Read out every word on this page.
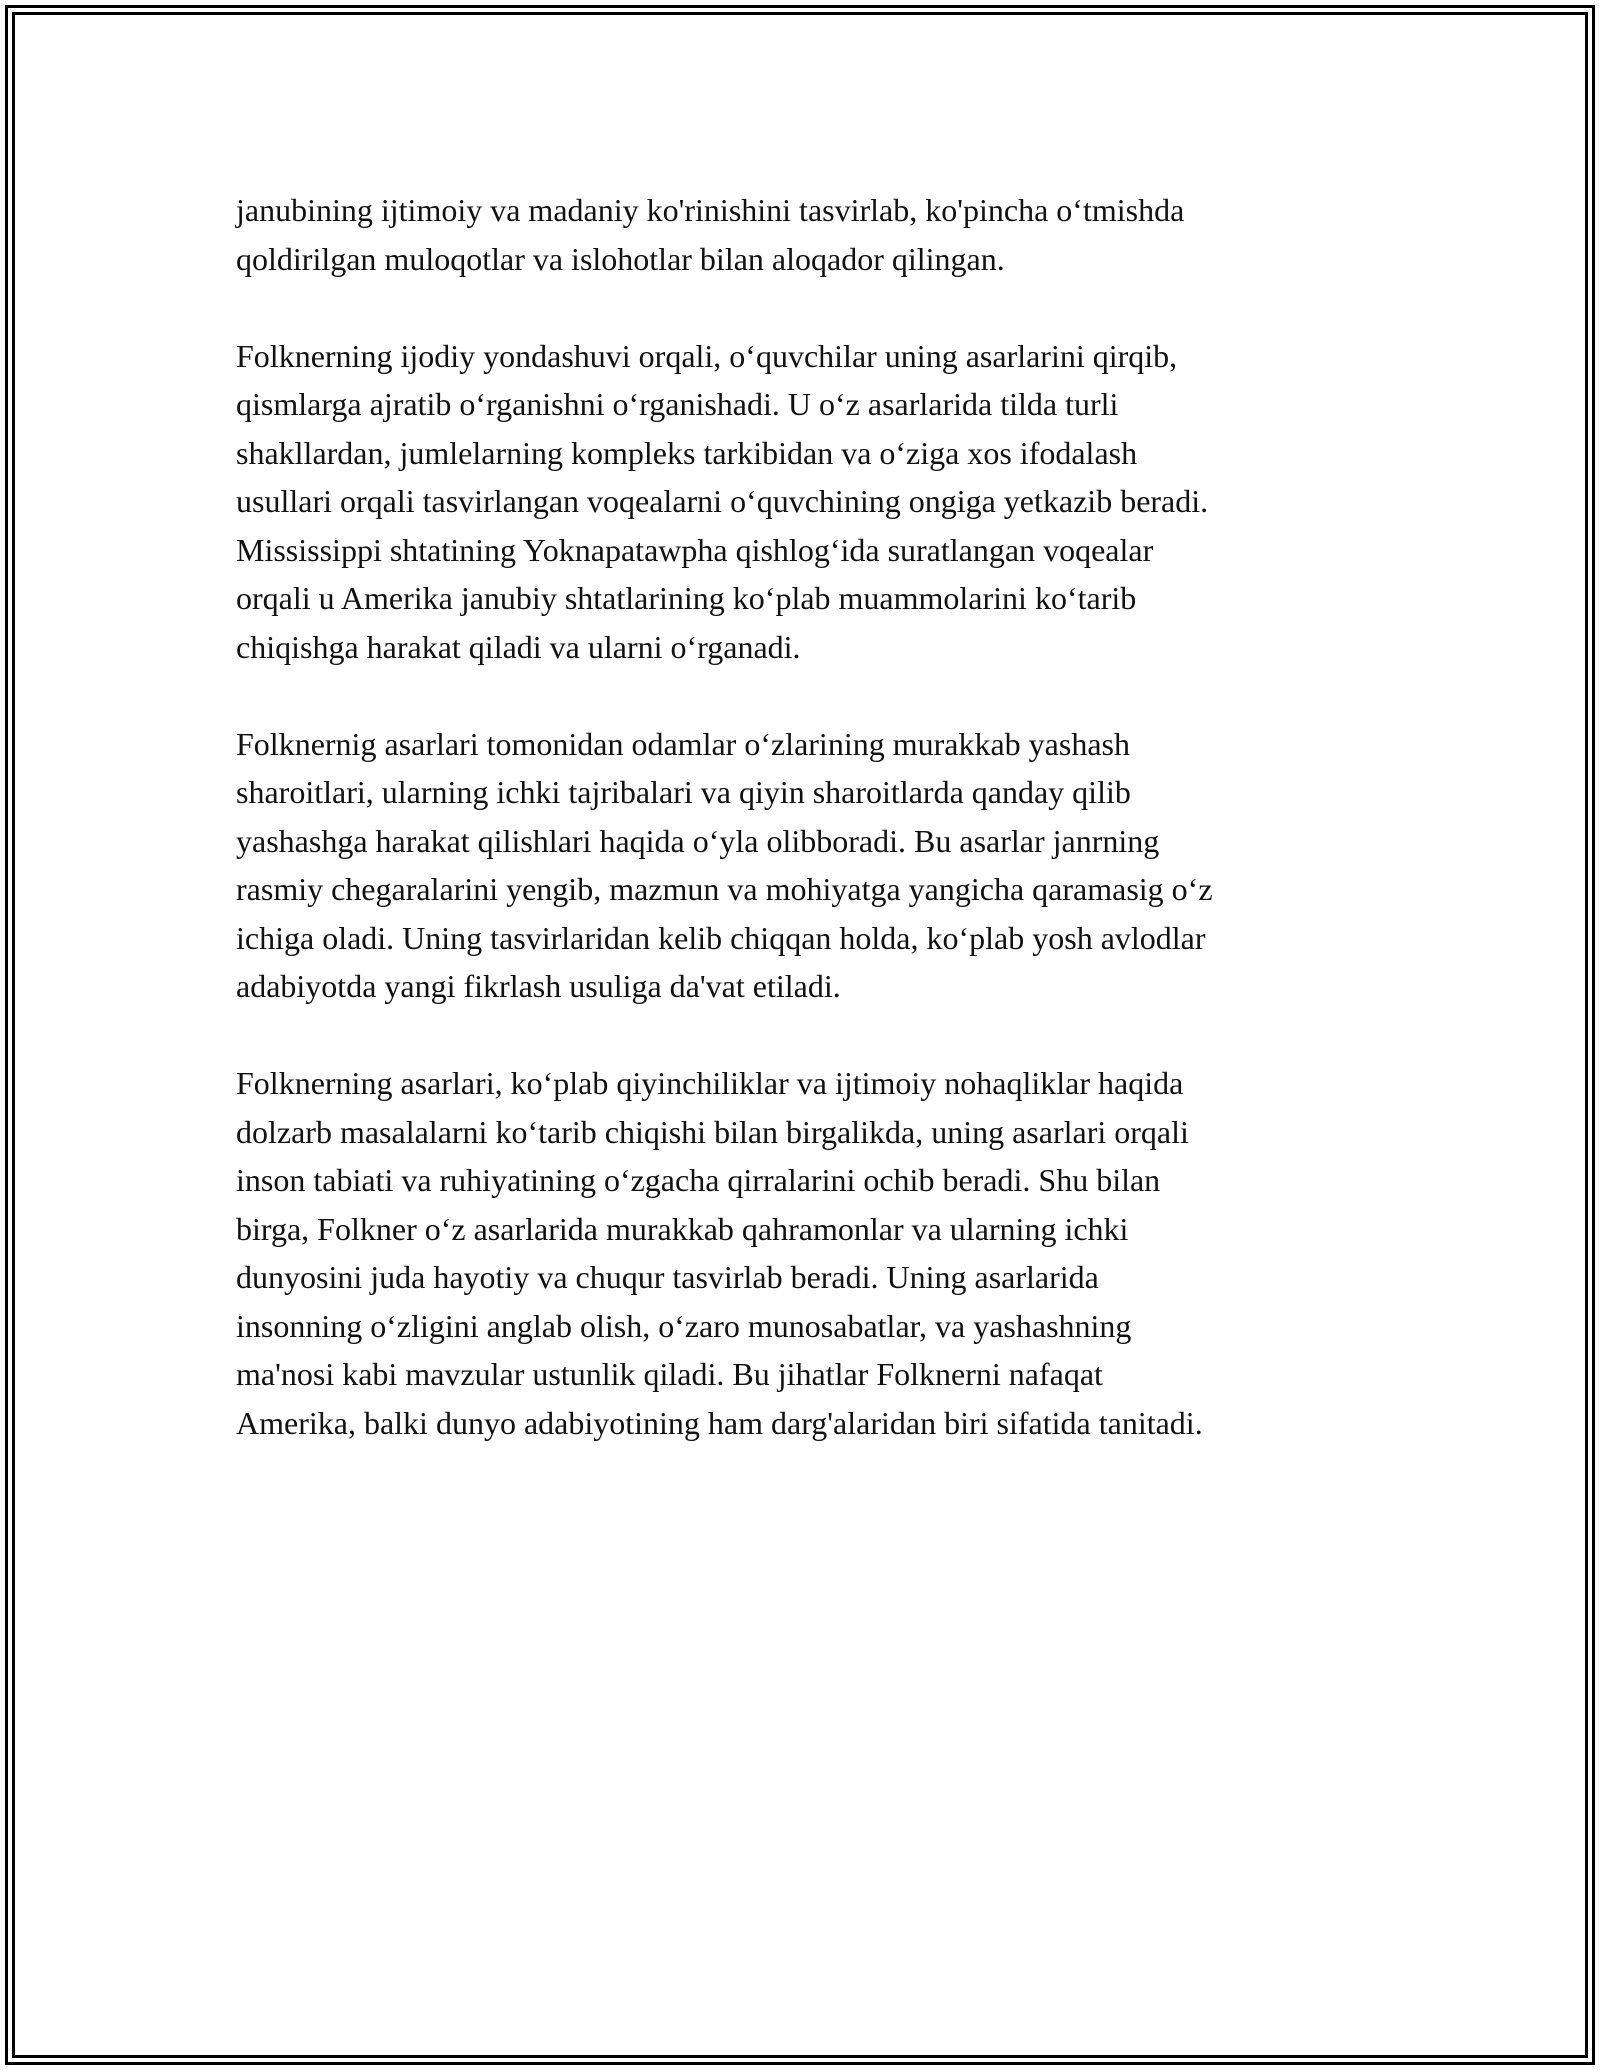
janubining ijtimoiy va madaniy ko'rinishini tasvirlab, ko'pincha o‘tmishda
qoldirilgan muloqotlar va islohotlar bilan aloqador qilingan.

Folknerning ijodiy yondashuvi orqali, o‘quvchilar uning asarlarini qirqib,
qismlarga ajratib o‘rganishni o‘rganishadi. U o‘z asarlarida tilda turli
shakllardan, jumlelarning kompleks tarkibidan va o‘ziga xos ifodalash
usullari orqali tasvirlangan voqealarni o‘quvchining ongiga yetkazib beradi.
Mississippi shtatining Yoknapatawpha qishlog‘ida suratlangan voqealar
orqali u Amerika janubiy shtatlarining ko‘plab muammolarini ko‘tarib
chiqishga harakat qiladi va ularni o‘rganadi.

Folknernig asarlari tomonidan odamlar o‘zlarining murakkab yashash
sharoitlari, ularning ichki tajribalari va qiyin sharoitlarda qanday qilib
yashashga harakat qilishlari haqida o‘yla olibboradi. Bu asarlar janrning
rasmiy chegaralarini yengib, mazmun va mohiyatga yangicha qaramasig o‘z
ichiga oladi. Uning tasvirlaridan kelib chiqqan holda, ko‘plab yosh avlodlar
adabiyotda yangi fikrlash usuliga da'vat etiladi.

Folknerning asarlari, ko‘plab qiyinchiliklar va ijtimoiy nohaqliklar haqida
dolzarb masalalarni ko‘tarib chiqishi bilan birgalikda, uning asarlari orqali
inson tabiati va ruhiyatining o‘zgacha qirralarini ochib beradi. Shu bilan
birga, Folkner o‘z asarlarida murakkab qahramonlar va ularning ichki
dunyosini juda hayotiy va chuqur tasvirlab beradi. Uning asarlarida
insonning o‘zligini anglab olish, o‘zaro munosabatlar, va yashashning
ma'nosi kabi mavzular ustunlik qiladi. Bu jihatlar Folknerni nafaqat
Amerika, balki dunyo adabiyotining ham darg'alaridan biri sifatida tanitadi.
